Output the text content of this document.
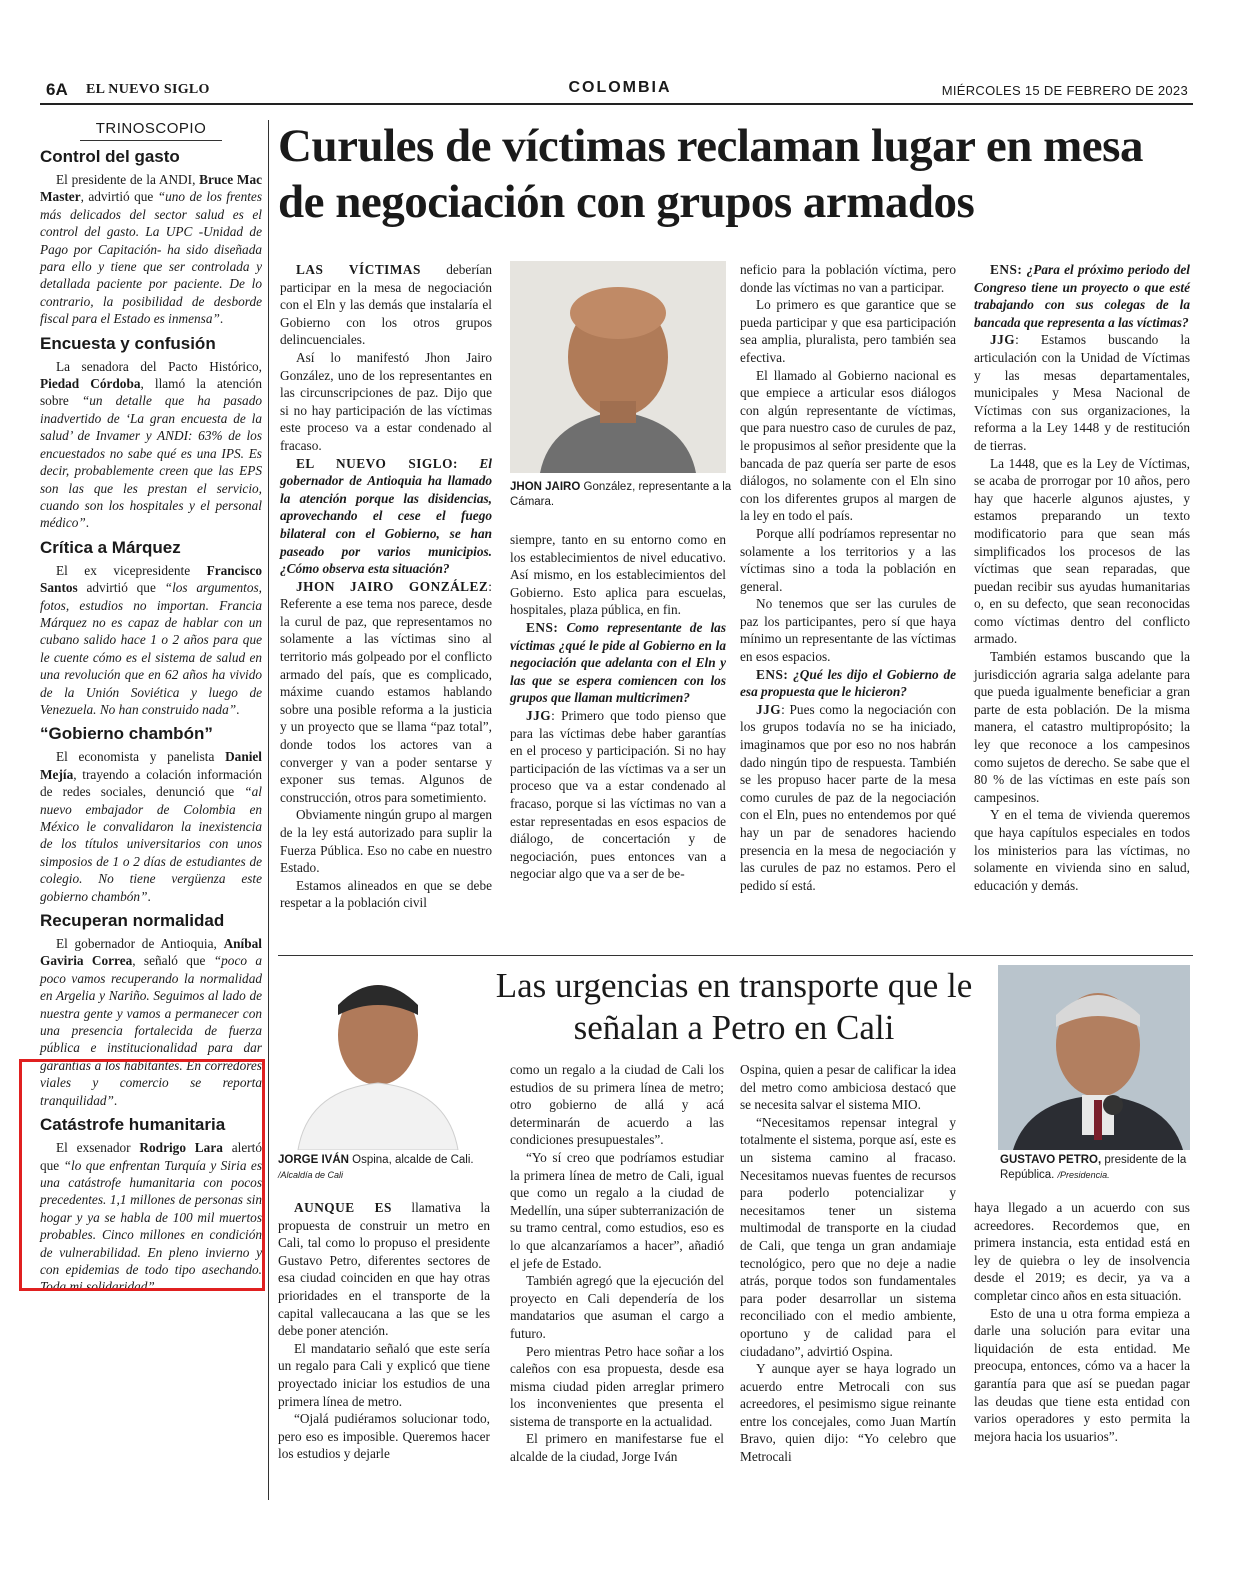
6A EL NUEVO SIGLO	COLOMBIA	MIÉRCOLES 15 DE FEBRERO DE 2023
TRINOSCOPIO
Control del gasto
El presidente de la ANDI, Bruce Mac Master, advirtió que “uno de los frentes más delicados del sector salud es el control del gasto. La UPC -Unidad de Pago por Capitación- ha sido diseñada para ello y tiene que ser controlada y detallada paciente por paciente. De lo contrario, la posibilidad de desborde fiscal para el Estado es inmensa”.
Encuesta y confusión
La senadora del Pacto Histórico, Piedad Córdoba, llamó la atención sobre “un detalle que ha pasado inadvertido de ‘La gran encuesta de la salud’ de Invamer y ANDI: 63% de los encuestados no sabe qué es una IPS. Es decir, probablemente creen que las EPS son las que les prestan el servicio, cuando son los hospitales y el personal médico”.
Crítica a Márquez
El ex vicepresidente Francisco Santos advirtió que “los argumentos, fotos, estudios no importan. Francia Márquez no es capaz de hablar con un cubano salido hace 1 o 2 años para que le cuente cómo es el sistema de salud en una revolución que en 62 años ha vivido de la Unión Soviética y luego de Venezuela. No han construido nada”.
“Gobierno chambón”
El economista y panelista Daniel Mejía, trayendo a colación información de redes sociales, denunció que “al nuevo embajador de Colombia en México le convalidaron la inexistencia de los títulos universitarios con unos simposios de 1 o 2 días de estudiantes de colegio. No tiene vergüenza este gobierno chambón”.
Recuperan normalidad
El gobernador de Antioquia, Aníbal Gaviria Correa, señaló que “poco a poco vamos recuperando la normalidad en Argelia y Nariño. Seguimos al lado de nuestra gente y vamos a permanecer con una presencia fortalecida de fuerza pública e institucionalidad para dar garantías a los habitantes. En corredores viales y comercio se reporta tranquilidad”.
Catástrofe humanitaria
El exsenador Rodrigo Lara alertó que “lo que enfrentan Turquía y Siria es una catástrofe humanitaria con pocos precedentes. 1,1 millones de personas sin hogar y ya se habla de 100 mil muertos probables. Cinco millones en condición de vulnerabilidad. En pleno invierno y con epidemias de todo tipo asechando. Toda mi solidaridad”.
Curules de víctimas reclaman lugar en mesa de negociación con grupos armados

LAS VÍCTIMAS deberían participar en la mesa de negociación con el Eln y las demás que instalaría el Gobierno con los otros grupos delincuenciales.

Así lo manifestó Jhon Jairo González, uno de los representantes en las circunscripciones de paz. Dijo que si no hay participación de las víctimas este proceso va a estar condenado al fracaso.

EL NUEVO SIGLO: El gobernador de Antioquia ha llamado la atención porque las disidencias, aprovechando el cese el fuego bilateral con el Gobierno, se han paseado por varios municipios. ¿Cómo observa esta situación?

JHON JAIRO GONZÁLEZ: Referente a ese tema nos parece, desde la curul de paz, que representamos no solamente a las víctimas sino al territorio más golpeado por el conflicto armado del país, que es complicado, máxime cuando estamos hablando sobre una posible reforma a la justicia y un proyecto que se llama “paz total”, donde todos los actores van a converger y van a poder sentarse y exponer sus temas. Algunos de construcción, otros para sometimiento.

Obviamente ningún grupo al margen de la ley está autorizado para suplir la Fuerza Pública. Eso no cabe en nuestro Estado.

Estamos alineados en que se debe respetar a la población civil

JHON JAIRO González, representante a la Cámara.

siempre, tanto en su entorno como en los establecimientos de nivel educativo. Así mismo, en los establecimientos del Gobierno. Esto aplica para escuelas, hospitales, plaza pública, en fin.

ENS: Como representante de las víctimas ¿qué le pide al Gobierno en la negociación que adelanta con el Eln y las que se espera comiencen con los grupos que llaman multicrimen?

JJG: Primero que todo pienso que para las víctimas debe haber garantías en el proceso y participación. Si no hay participación de las víctimas va a ser un proceso que va a estar condenado al fracaso, porque si las víctimas no van a estar representadas en esos espacios de diálogo, de concertación y de negociación, pues entonces van a negociar algo que va a ser de be-

neficio para la población víctima, pero donde las víctimas no van a participar.

Lo primero es que garantice que se pueda participar y que esa participación sea amplia, pluralista, pero también sea efectiva.

El llamado al Gobierno nacional es que empiece a articular esos diálogos con algún representante de víctimas, que para nuestro caso de curules de paz, le propusimos al señor presidente que la bancada de paz quería ser parte de esos diálogos, no solamente con el Eln sino con los diferentes grupos al margen de la ley en todo el país.

Porque allí podríamos representar no solamente a los territorios y a las víctimas sino a toda la población en general.

No tenemos que ser las curules de paz los participantes, pero sí que haya mínimo un representante de las víctimas en esos espacios.

ENS: ¿Qué les dijo el Gobierno de esa propuesta que le hicieron?

JJG: Pues como la negociación con los grupos todavía no se ha iniciado, imaginamos que por eso no nos habrán dado ningún tipo de respuesta. También se les propuso hacer parte de la mesa como curules de paz de la negociación con el Eln, pues no entendemos por qué hay un par de senadores haciendo presencia en la mesa de negociación y las curules de paz no estamos. Pero el pedido sí está.

ENS: ¿Para el próximo periodo del Congreso tiene un proyecto o que esté trabajando con sus colegas de la bancada que representa a las víctimas?

JJG: Estamos buscando la articulación con la Unidad de Víctimas y las mesas departamentales, municipales y Mesa Nacional de Víctimas con sus organizaciones, la reforma a la Ley 1448 y de restitución de tierras.

La 1448, que es la Ley de Víctimas, se acaba de prorrogar por 10 años, pero hay que hacerle algunos ajustes, y estamos preparando un texto modificatorio para que sean más simplificados los procesos de las víctimas que sean reparadas, que puedan recibir sus ayudas humanitarias o, en su defecto, que sean reconocidas como víctimas dentro del conflicto armado.

También estamos buscando que la jurisdicción agraria salga adelante para que pueda igualmente beneficiar a gran parte de esta población. De la misma manera, el catastro multipropósito; la ley que reconoce a los campesinos como sujetos de derecho. Se sabe que el 80 % de las víctimas en este país son campesinos.

Y en el tema de vivienda queremos que haya capítulos especiales en todos los ministerios para las víctimas, no solamente en vivienda sino en salud, educación y demás.

JORGE IVÁN Ospina, alcalde de Cali. /Alcaldía de Cali
Las urgencias en transporte que le señalan a Petro en Cali
GUSTAVO PETRO, presidente de la República. /Presidencia.

AUNQUE ES llamativa la propuesta de construir un metro en Cali, tal como lo propuso el presidente Gustavo Petro, diferentes sectores de esa ciudad coinciden en que hay otras prioridades en el transporte de la capital vallecaucana a las que se les debe poner atención.

El mandatario señaló que este sería un regalo para Cali y explicó que tiene proyectado iniciar los estudios de una primera línea de metro.

“Ojalá pudiéramos solucionar todo, pero eso es imposible. Queremos hacer los estudios y dejarle

como un regalo a la ciudad de Cali los estudios de su primera línea de metro; otro gobierno de allá y acá determinarán de acuerdo a las condiciones presupuestales”.

“Yo sí creo que podríamos estudiar la primera línea de metro de Cali, igual que como un regalo a la ciudad de Medellín, una súper subterranización de su tramo central, como estudios, eso es lo que alcanzaríamos a hacer”, añadió el jefe de Estado.

También agregó que la ejecución del proyecto en Cali dependería de los mandatarios que asuman el cargo a futuro.

Pero mientras Petro hace soñar a los caleños con esa propuesta, desde esa misma ciudad piden arreglar primero los inconvenientes que presenta el sistema de transporte en la actualidad.

El primero en manifestarse fue el alcalde de la ciudad, Jorge Iván

Ospina, quien a pesar de calificar la idea del metro como ambiciosa destacó que se necesita salvar el sistema MIO.

“Necesitamos repensar integral y totalmente el sistema, porque así, este es un sistema camino al fracaso. Necesitamos nuevas fuentes de recursos para poderlo potencializar y necesitamos tener un sistema multimodal de transporte en la ciudad de Cali, que tenga un gran andamiaje tecnológico, pero que no deje a nadie atrás, porque todos son fundamentales para poder desarrollar un sistema reconciliado con el medio ambiente, oportuno y de calidad para el ciudadano”, advirtió Ospina.

Y aunque ayer se haya logrado un acuerdo entre Metrocali con sus acreedores, el pesimismo sigue reinante entre los concejales, como Juan Martín Bravo, quien dijo: “Yo celebro que Metrocali

haya llegado a un acuerdo con sus acreedores. Recordemos que, en primera instancia, esta entidad está en ley de quiebra o ley de insolvencia desde el 2019; es decir, ya va a completar cinco años en esta situación.

Esto de una u otra forma empieza a darle una solución para evitar una liquidación de esta entidad. Me preocupa, entonces, cómo va a hacer la garantía para que así se puedan pagar las deudas que tiene esta entidad con varios operadores y esto permita la mejora hacia los usuarios”.
